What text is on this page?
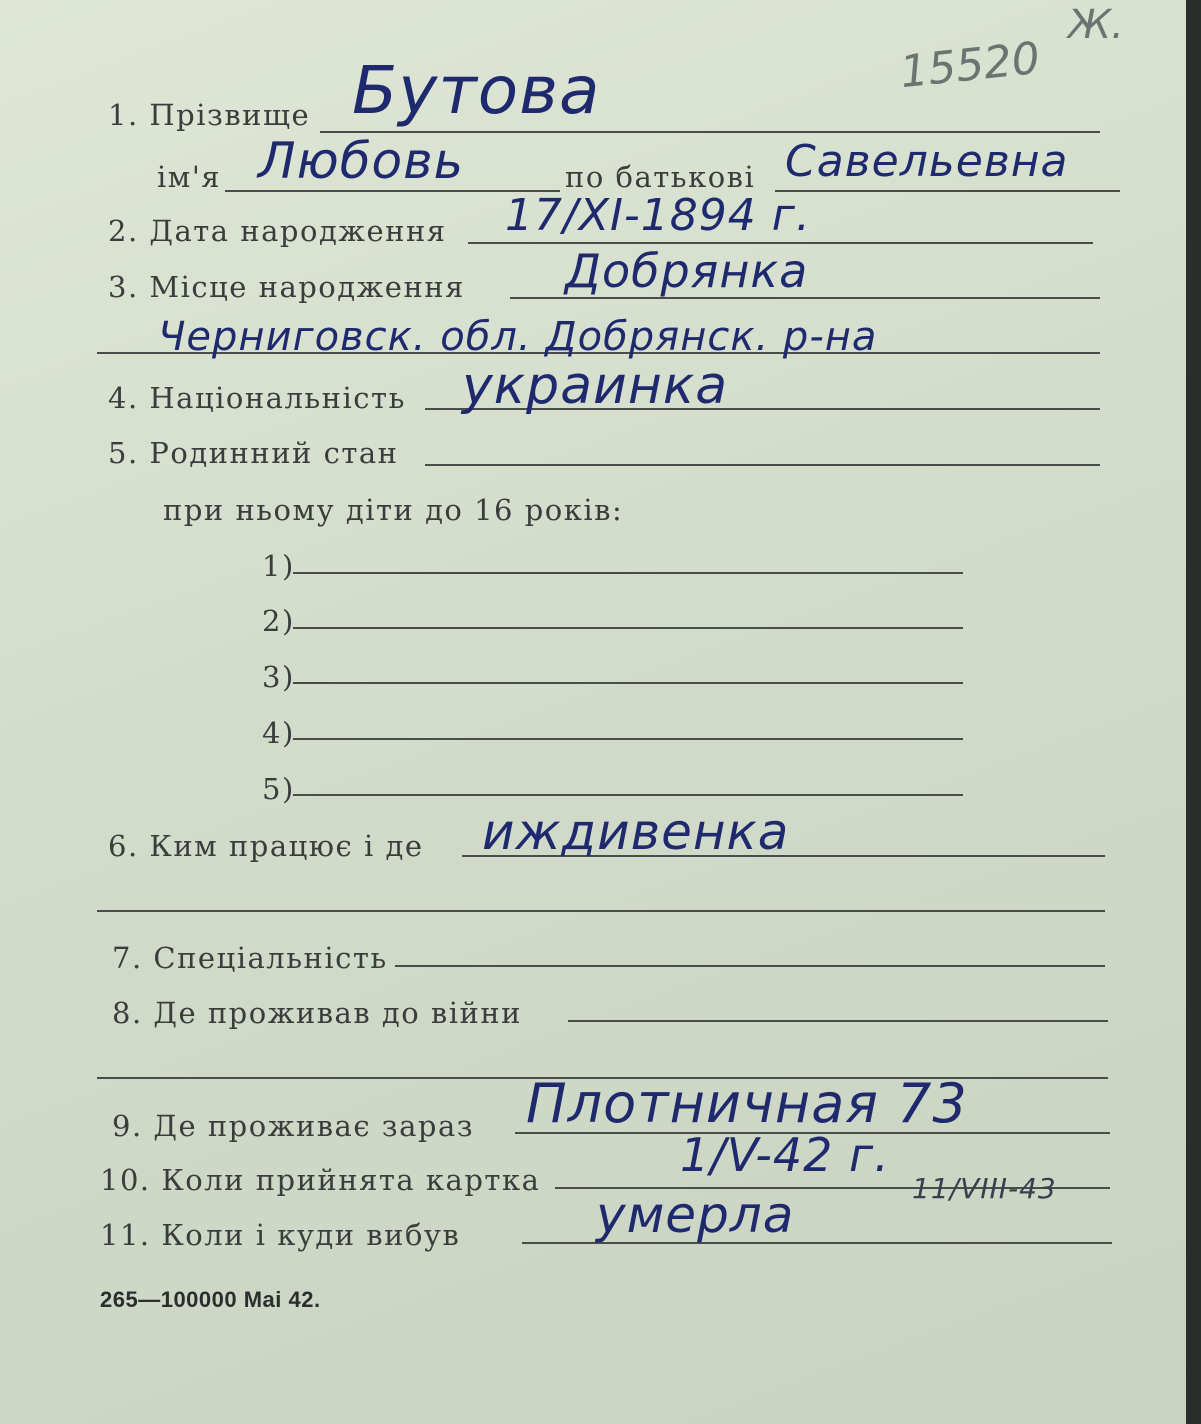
Ж.
15520
1. Прізвище Бутова
ім'я Любовь	по батькові Савельевна
2. Дата народження 17/XI-1894 г.
3. Місце народження Добрянка
Черниговск. обл. Добрянск. р-на
4. Національність украинка
5. Родинний стан
при ньому діти до 16 років:
1)
2)
3)
4)
5)
6. Ким працює і де иждивенка
7. Спеціальність
8. Де проживав до війни
9. Де проживає зараз Плотничная 73
10. Коли прийнята картка	1/V-42 г.
11. Коли і куди вибув	умерла	11/VIII-43
265—100000 Mai 42.
